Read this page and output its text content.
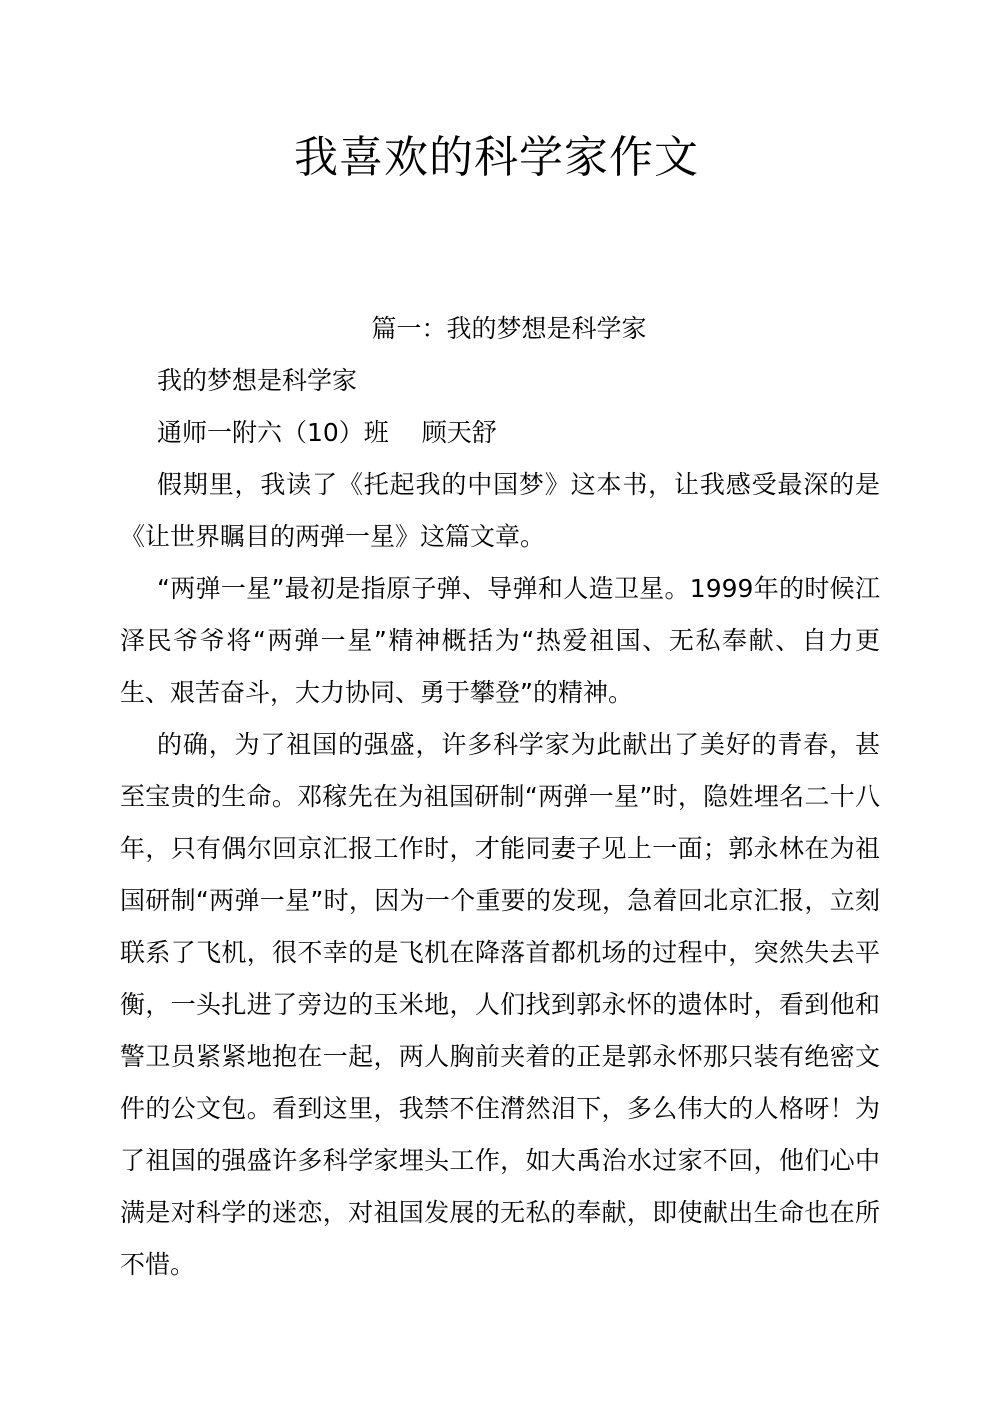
我喜欢的科学家作文
篇一：我的梦想是科学家

我的梦想是科学家

通师一附六（10）班　 顾天舒

假期里，我读了《托起我的中国梦》这本书，让我感受最深的是《让世界瞩目的两弹一星》这篇文章。

“两弹一星”最初是指原子弹、导弹和人造卫星。1999年的时候江泽民爷爷将“两弹一星”精神概括为“热爱祖国、无私奉献、自力更生、艰苦奋斗，大力协同、勇于攀登”的精神。

的确，为了祖国的强盛，许多科学家为此献出了美好的青春，甚至宝贵的生命。邓稼先在为祖国研制“两弹一星”时，隐姓埋名二十八年，只有偶尔回京汇报工作时，才能同妻子见上一面；郭永林在为祖国研制“两弹一星”时，因为一个重要的发现，急着回北京汇报，立刻联系了飞机，很不幸的是飞机在降落首都机场的过程中，突然失去平衡，一头扎进了旁边的玉米地，人们找到郭永怀的遗体时，看到他和警卫员紧紧地抱在一起，两人胸前夹着的正是郭永怀那只装有绝密文件的公文包。看到这里，我禁不住潸然泪下，多么伟大的人格呀！为了祖国的强盛许多科学家埋头工作，如大禹治水过家不回，他们心中满是对科学的迷恋，对祖国发展的无私的奉献，即使献出生命也在所不惜。
